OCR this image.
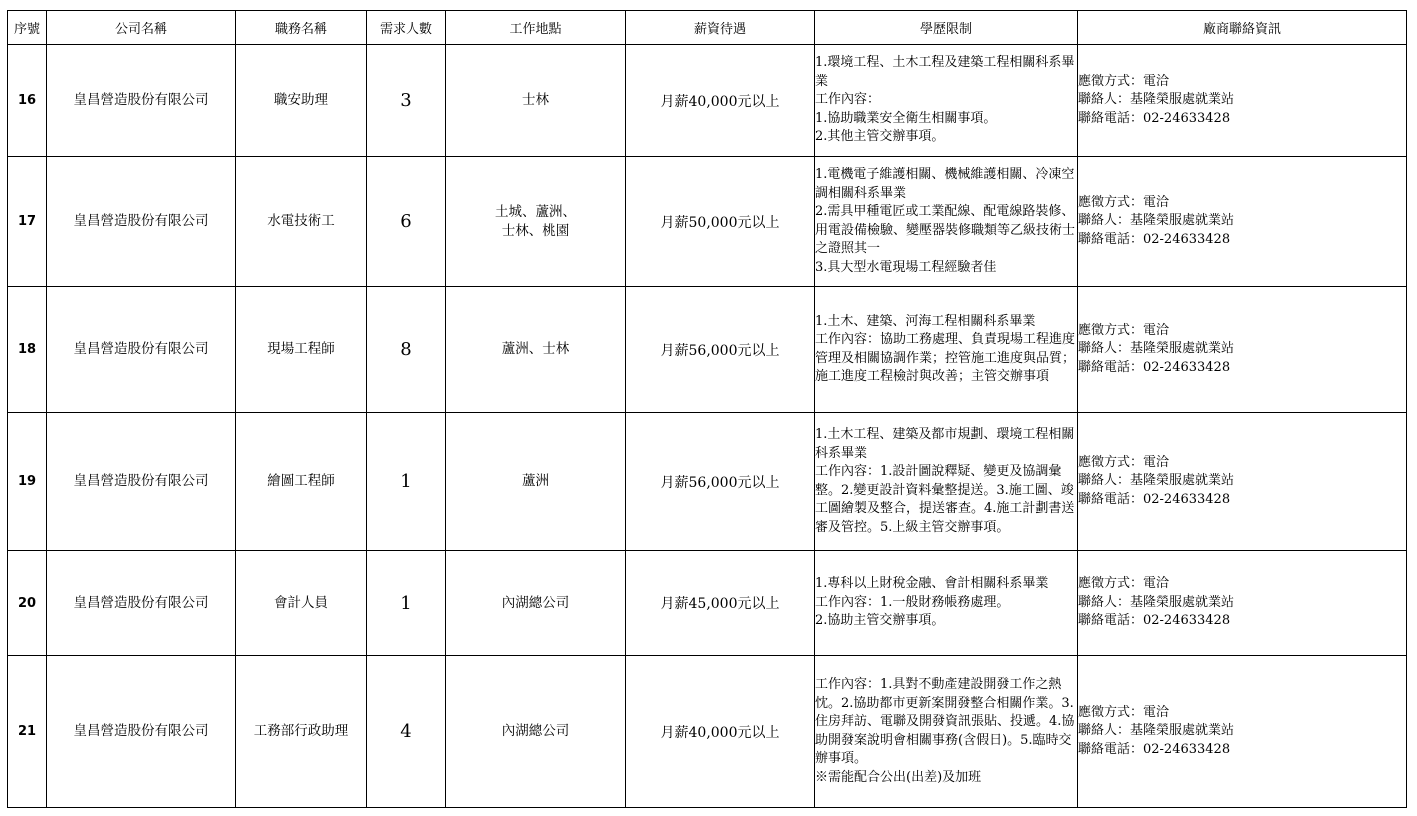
序號	公司名稱	職務名稱	需求人數	工作地點	薪資待遇	學歷限制	廠商聯絡資訊
16	皇昌營造股份有限公司	職安助理	3	士林	月薪40,000元以上	1.環境工程、土木工程及建築工程相關科系畢業
工作內容：
1.協助職業安全衛生相關事項。
2.其他主管交辦事項。	應徵方式：電洽
聯絡人：基隆榮服處就業站
聯絡電話：02-24633428

17	皇昌營造股份有限公司	水電技術工	6	土城、蘆洲、
士林、桃園	月薪50,000元以上	1.電機電子維護相關、機械維護相關、冷凍空調相關科系畢業
2.需具甲種電匠或工業配線、配電線路裝修、用電設備檢驗、變壓器裝修職類等乙級技術士之證照其一
3.具大型水電現場工程經驗者佳	應徵方式：電洽
聯絡人：基隆榮服處就業站
聯絡電話：02-24633428

18	皇昌營造股份有限公司	現場工程師	8	蘆洲、士林	月薪56,000元以上	1.土木、建築、河海工程相關科系畢業
工作內容：協助工務處理、負責現場工程進度管理及相關協調作業；控管施工進度與品質；施工進度工程檢討與改善；主管交辦事項	應徵方式：電洽
聯絡人：基隆榮服處就業站
聯絡電話：02-24633428

19	皇昌營造股份有限公司	繪圖工程師	1	蘆洲	月薪56,000元以上	1.土木工程、建築及都市規劃、環境工程相關科系畢業
工作內容：1.設計圖說釋疑、變更及協調彙整。2.變更設計資料彙整提送。3.施工圖、竣工圖繪製及整合，提送審查。4.施工計劃書送審及管控。5.上級主管交辦事項。	應徵方式：電洽
聯絡人：基隆榮服處就業站
聯絡電話：02-24633428

20	皇昌營造股份有限公司	會計人員	1	內湖總公司	月薪45,000元以上	1.專科以上財稅金融、會計相關科系畢業
工作內容：1.一般財務帳務處理。
2.協助主管交辦事項。	應徵方式：電洽
聯絡人：基隆榮服處就業站
聯絡電話：02-24633428

21	皇昌營造股份有限公司	工務部行政助理	4	內湖總公司	月薪40,000元以上	工作內容：1.具對不動產建設開發工作之熱忱。2.協助都市更新案開發整合相關作業。3.住房拜訪、電聯及開發資訊張貼、投遞。4.協助開發案說明會相關事務(含假日)。5.臨時交辦事項。
※需能配合公出(出差)及加班	應徵方式：電洽
聯絡人：基隆榮服處就業站
聯絡電話：02-24633428
